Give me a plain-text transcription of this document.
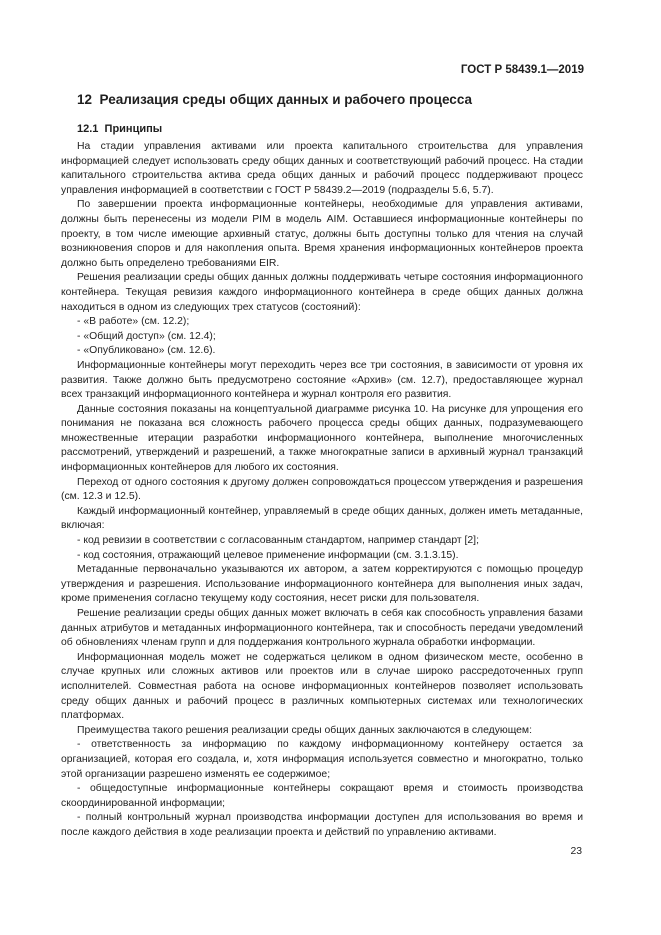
ГОСТ Р 58439.1—2019
12 Реализация среды общих данных и рабочего процесса
12.1 Принципы

На стадии управления активами или проекта капитального строительства для управления информацией следует использовать среду общих данных и соответствующий рабочий процесс. На стадии капитального строительства актива среда общих данных и рабочий процесс поддерживают процесс управления информацией в соответствии с ГОСТ Р 58439.2—2019 (подразделы 5.6, 5.7).

По завершении проекта информационные контейнеры, необходимые для управления активами, должны быть перенесены из модели PIM в модель AIM. Оставшиеся информационные контейнеры по проекту, в том числе имеющие архивный статус, должны быть доступны только для чтения на случай возникновения споров и для накопления опыта. Время хранения информационных контейнеров проекта должно быть определено требованиями EIR.

Решения реализации среды общих данных должны поддерживать четыре состояния информационного контейнера. Текущая ревизия каждого информационного контейнера в среде общих данных должна находиться в одном из следующих трех статусов (состояний):

- «В работе» (см. 12.2);

- «Общий доступ» (см. 12.4);

- «Опубликовано» (см. 12.6).

Информационные контейнеры могут переходить через все три состояния, в зависимости от уровня их развития. Также должно быть предусмотрено состояние «Архив» (см. 12.7), предоставляющее журнал всех транзакций информационного контейнера и журнал контроля его развития.

Данные состояния показаны на концептуальной диаграмме рисунка 10. На рисунке для упрощения его понимания не показана вся сложность рабочего процесса среды общих данных, подразумевающего множественные итерации разработки информационного контейнера, выполнение многочисленных рассмотрений, утверждений и разрешений, а также многократные записи в архивный журнал транзакций информационных контейнеров для любого их состояния.

Переход от одного состояния к другому должен сопровождаться процессом утверждения и разрешения (см. 12.3 и 12.5).

Каждый информационный контейнер, управляемый в среде общих данных, должен иметь метаданные, включая:

- код ревизии в соответствии с согласованным стандартом, например стандарт [2];

- код состояния, отражающий целевое применение информации (см. 3.1.3.15).

Метаданные первоначально указываются их автором, а затем корректируются с помощью процедур утверждения и разрешения. Использование информационного контейнера для выполнения иных задач, кроме применения согласно текущему коду состояния, несет риски для пользователя.

Решение реализации среды общих данных может включать в себя как способность управления базами данных атрибутов и метаданных информационного контейнера, так и способность передачи уведомлений об обновлениях членам групп и для поддержания контрольного журнала обработки информации.

Информационная модель может не содержаться целиком в одном физическом месте, особенно в случае крупных или сложных активов или проектов или в случае широко рассредоточенных групп исполнителей. Совместная работа на основе информационных контейнеров позволяет использовать среду общих данных и рабочий процесс в различных компьютерных системах или технологических платформах.

Преимущества такого решения реализации среды общих данных заключаются в следующем:

- ответственность за информацию по каждому информационному контейнеру остается за организацией, которая его создала, и, хотя информация используется совместно и многократно, только этой организации разрешено изменять ее содержимое;

- общедоступные информационные контейнеры сокращают время и стоимость производства скоординированной информации;

- полный контрольный журнал производства информации доступен для использования во время и после каждого действия в ходе реализации проекта и действий по управлению активами.

23
